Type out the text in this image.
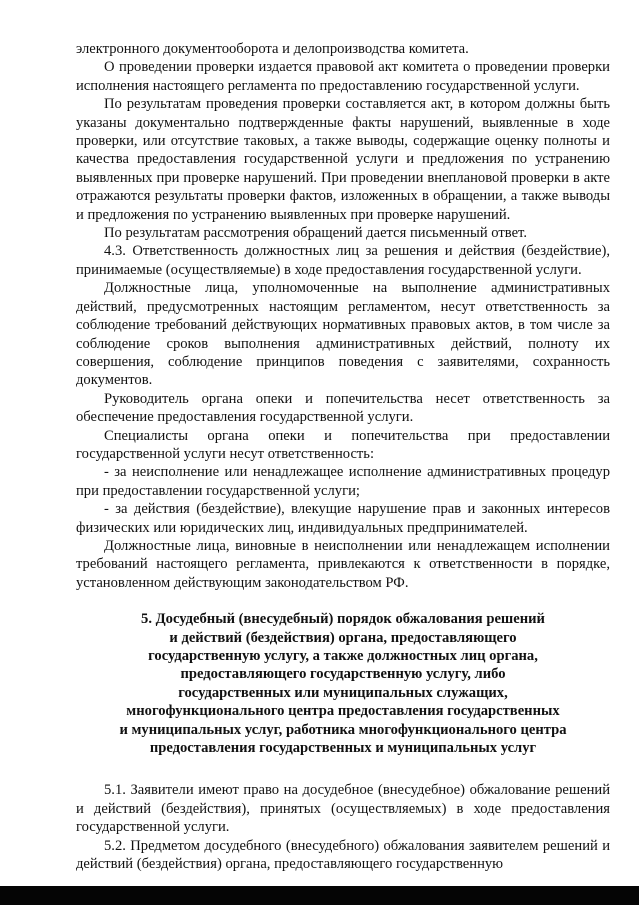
электронного документооборота и делопроизводства комитета.

О проведении проверки издается правовой акт комитета о проведении проверки исполнения настоящего регламента по предоставлению государственной услуги.

По результатам проведения проверки составляется акт, в котором должны быть указаны документально подтвержденные факты нарушений, выявленные в ходе проверки, или отсутствие таковых, а также выводы, содержащие оценку полноты и качества предоставления государственной услуги и предложения по устранению выявленных при проверке нарушений. При проведении внеплановой проверки в акте отражаются результаты проверки фактов, изложенных в обращении, а также выводы и предложения по устранению выявленных при проверке нарушений.

По результатам рассмотрения обращений дается письменный ответ.

4.3. Ответственность должностных лиц за решения и действия (бездействие), принимаемые (осуществляемые) в ходе предоставления государственной услуги.

Должностные лица, уполномоченные на выполнение административных действий, предусмотренных настоящим регламентом, несут ответственность за соблюдение требований действующих нормативных правовых актов, в том числе за соблюдение сроков выполнения административных действий, полноту их совершения, соблюдение принципов поведения с заявителями, сохранность документов.

Руководитель органа опеки и попечительства несет ответственность за обеспечение предоставления государственной услуги.

Специалисты органа опеки и попечительства при предоставлении государственной услуги несут ответственность:

- за неисполнение или ненадлежащее исполнение административных процедур при предоставлении государственной услуги;

- за действия (бездействие), влекущие нарушение прав и законных интересов физических или юридических лиц, индивидуальных предпринимателей.

Должностные лица, виновные в неисполнении или ненадлежащем исполнении требований настоящего регламента, привлекаются к ответственности в порядке, установленном действующим законодательством РФ.

5. Досудебный (внесудебный) порядок обжалования решений
и действий (бездействия) органа, предоставляющего
государственную услугу, а также должностных лиц органа,
предоставляющего государственную услугу, либо
государственных или муниципальных служащих,
многофункционального центра предоставления государственных
и муниципальных услуг, работника многофункционального центра
предоставления государственных и муниципальных услуг

5.1. Заявители имеют право на досудебное (внесудебное) обжалование решений и действий (бездействия), принятых (осуществляемых) в ходе предоставления государственной услуги.

5.2. Предметом досудебного (внесудебного) обжалования заявителем решений и действий (бездействия) органа, предоставляющего государственную
